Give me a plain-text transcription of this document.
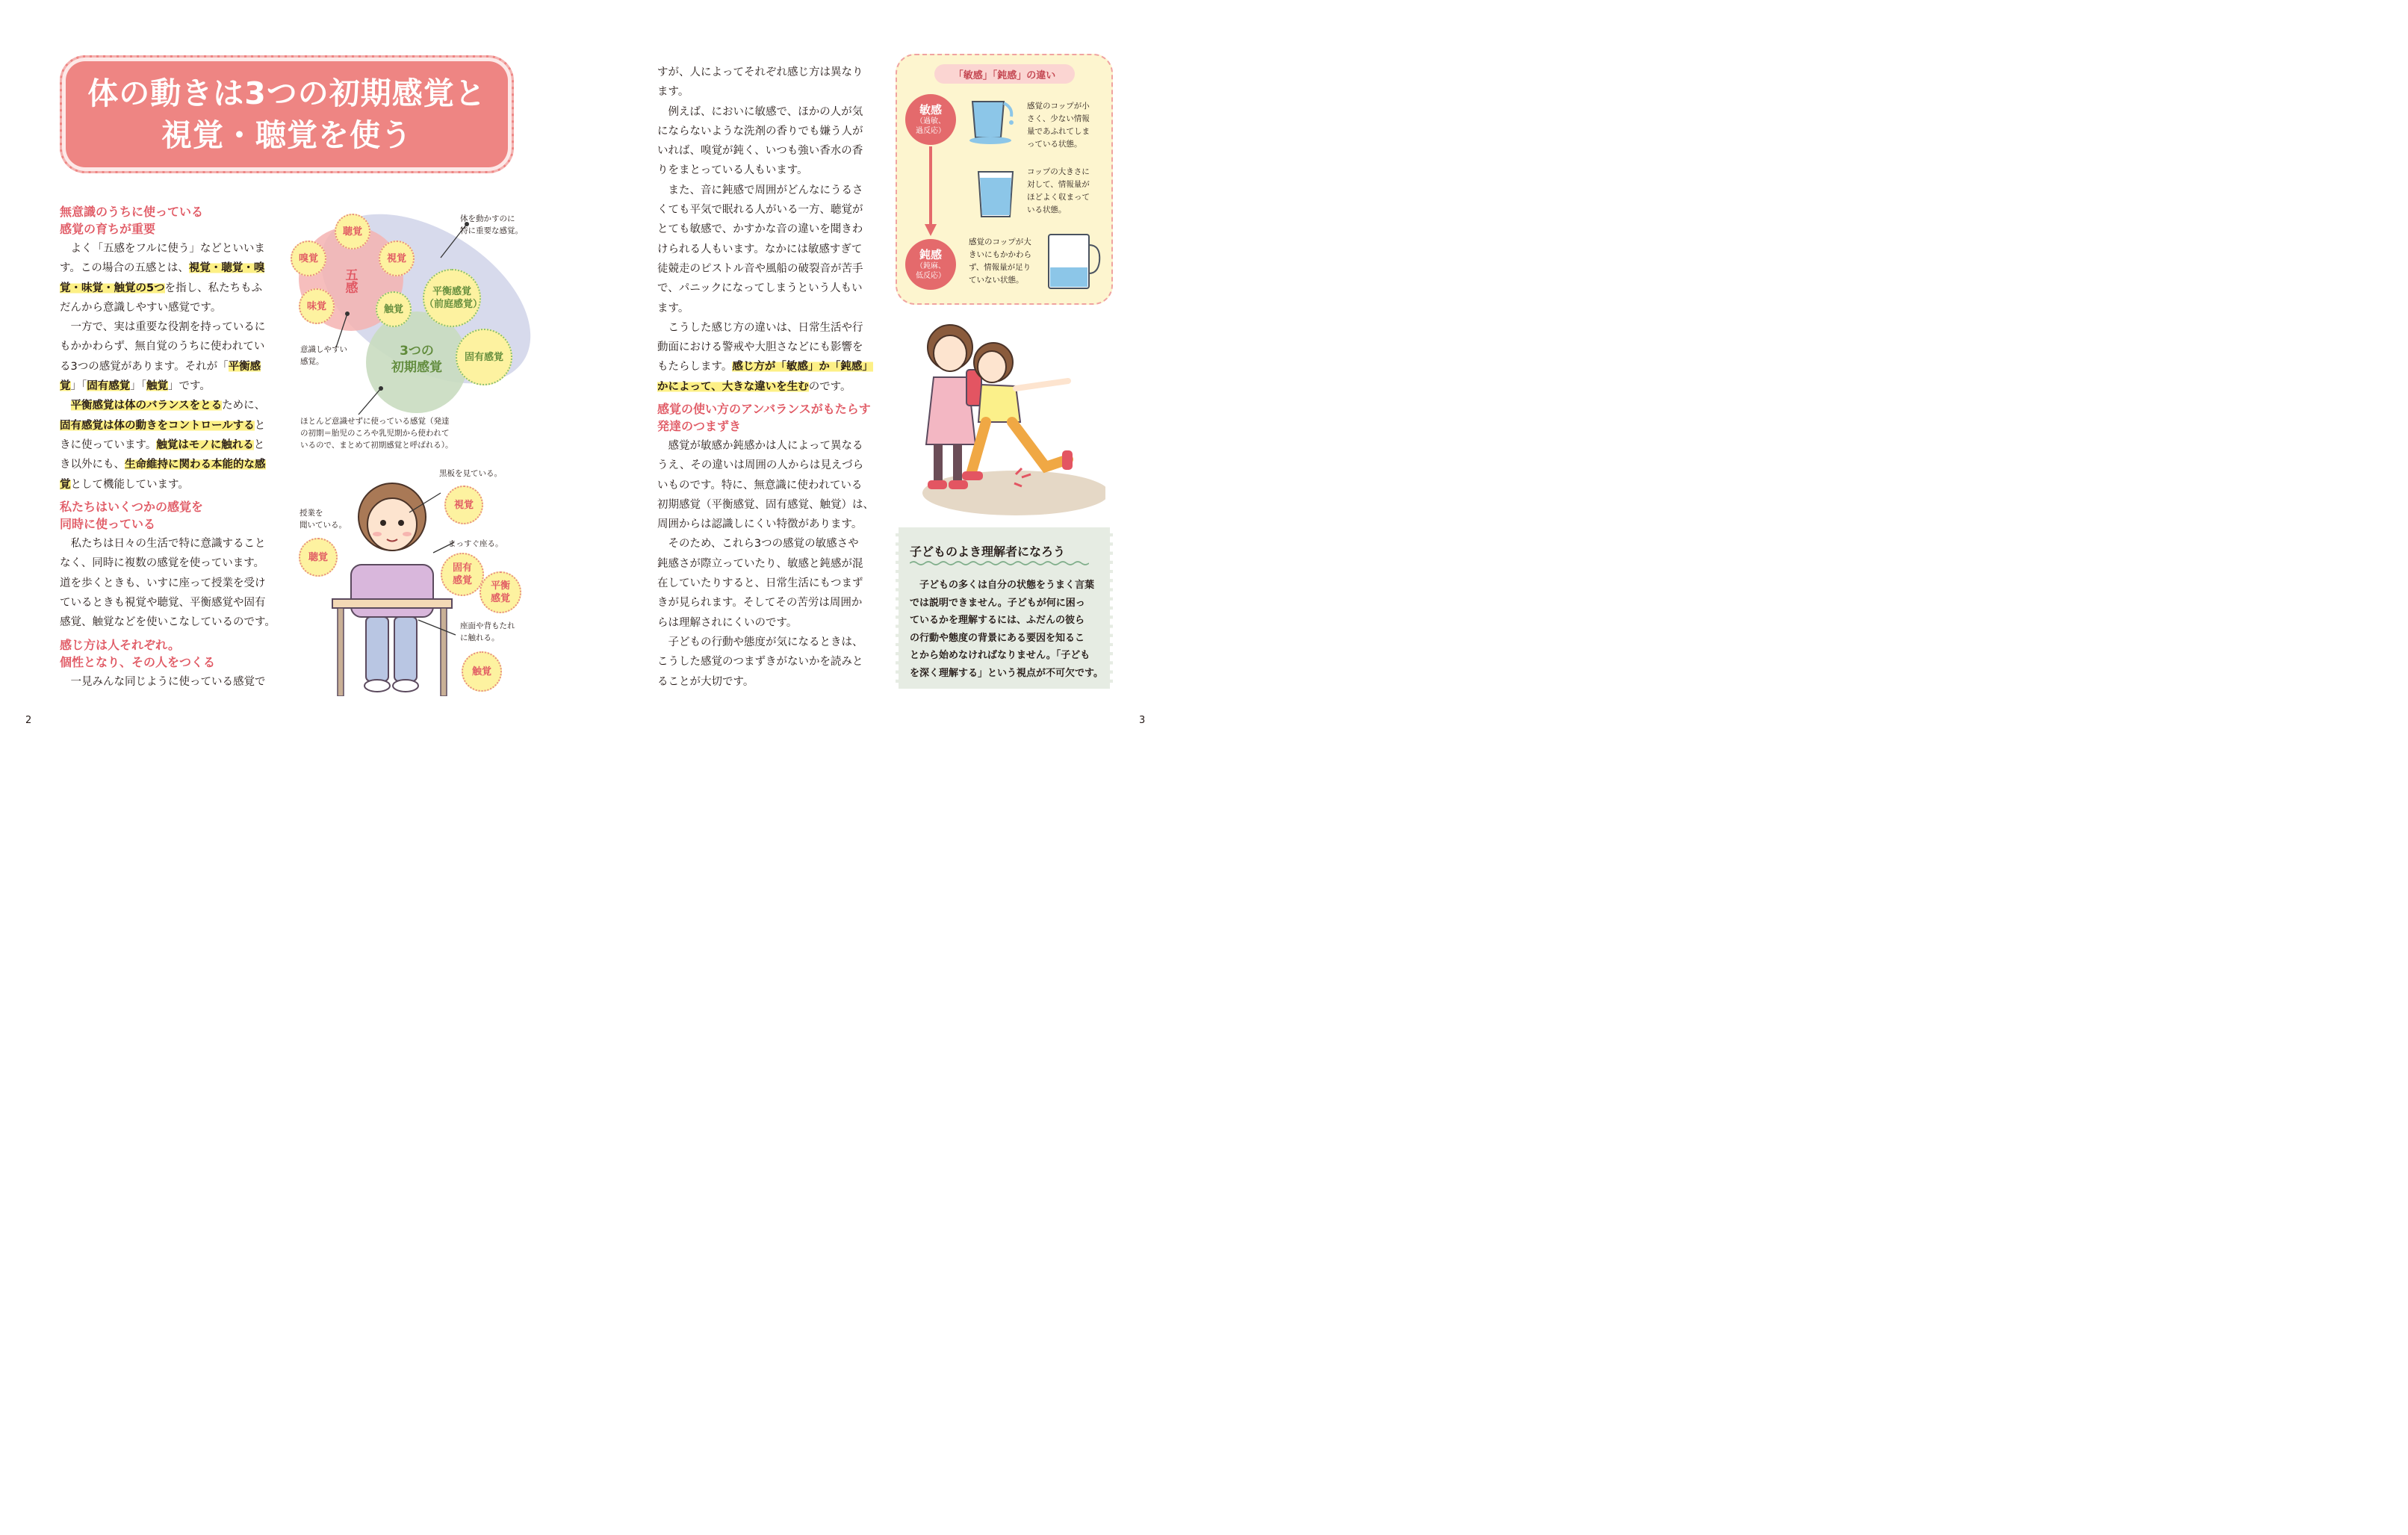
体の動きは3つの初期感覚と
視覚・聴覚を使う
無意識のうちに使っている
感覚の育ちが重要
　よく「五感をフルに使う」などといいま
す。この場合の五感とは、視覚・聴覚・嗅
覚・味覚・触覚の5つを指し、私たちもふ
だんから意識しやすい感覚です。
　一方で、実は重要な役割を持っているに
もかかわらず、無自覚のうちに使われてい
る3つの感覚があります。それが「平衡感
覚」「固有感覚」「触覚」です。
　平衡感覚は体のバランスをとるために、
固有感覚は体の動きをコントロールすると
きに使っています。触覚はモノに触れると
き以外にも、生命維持に関わる本能的な感
覚として機能しています。
私たちはいくつかの感覚を
同時に使っている
　私たちは日々の生活で特に意識すること
なく、同時に複数の感覚を使っています。
道を歩くときも、いすに座って授業を受け
ているときも視覚や聴覚、平衡感覚や固有
感覚、触覚などを使いこなしているのです。
感じ方は人それぞれ。
個性となり、その人をつくる
　一見みんな同じように使っている感覚で
五感
聴覚
嗅覚	視覚
味覚	触覚
平衡感覚
（前庭感覚）
固有感覚
3つの
初期感覚
体を動かすのに
特に重要な感覚。
意識しやすい
感覚。
ほとんど意識せずに使っている感覚（発達
の初期＝胎児のころや乳児期から使われて
いるので、まとめて初期感覚と呼ばれる）。
黒板を見ている。
視覚
授業を
聞いている。
聴覚
まっすぐ座る。
固有
感覚 平衡
感覚
座面や背もたれ
に触れる。
触覚
2
すが、人によってそれぞれ感じ方は異なり
ます。
　例えば、においに敏感で、ほかの人が気
にならないような洗剤の香りでも嫌う人が
いれば、嗅覚が鈍く、いつも強い香水の香
りをまとっている人もいます。
　また、音に鈍感で周囲がどんなにうるさ
くても平気で眠れる人がいる一方、聴覚が
とても敏感で、かすかな音の違いを聞きわ
けられる人もいます。なかには敏感すぎて
徒競走のピストル音や風船の破裂音が苦手
で、パニックになってしまうという人もい
ます。
　こうした感じ方の違いは、日常生活や行
動面における警戒や大胆さなどにも影響を
もたらします。感じ方が「敏感」か「鈍感」
かによって、大きな違いを生むのです。
感覚の使い方のアンバランスがもたらす
発達のつまずき
　感覚が敏感か鈍感かは人によって異なる
うえ、その違いは周囲の人からは見えづら
いものです。特に、無意識に使われている
初期感覚（平衡感覚、固有感覚、触覚）は、
周囲からは認識しにくい特徴があります。
　そのため、これら3つの感覚の敏感さや
鈍感さが際立っていたり、敏感と鈍感が混
在していたりすると、日常生活にもつまず
きが見られます。そしてその苦労は周囲か
らは理解されにくいのです。
　子どもの行動や態度が気になるときは、
こうした感覚のつまずきがないかを読みと
ることが大切です。
「敏感」「鈍感」の違い
敏感
（過敏、
過反応）
鈍感
（鈍麻、
低反応）
感覚のコップが小
さく、少ない情報
量であふれてしま
っている状態。
コップの大きさに
対して、情報量が
ほどよく収まって
いる状態。
感覚のコップが大
きいにもかかわら
ず、情報量が足り
ていない状態。
子どものよき理解者になろう
　子どもの多くは自分の状態をうまく言葉
では説明できません。子どもが何に困っ
ているかを理解するには、ふだんの彼ら
の行動や態度の背景にある要因を知るこ
とから始めなければなりません。「子ども
を深く理解する」という視点が不可欠です。
3
